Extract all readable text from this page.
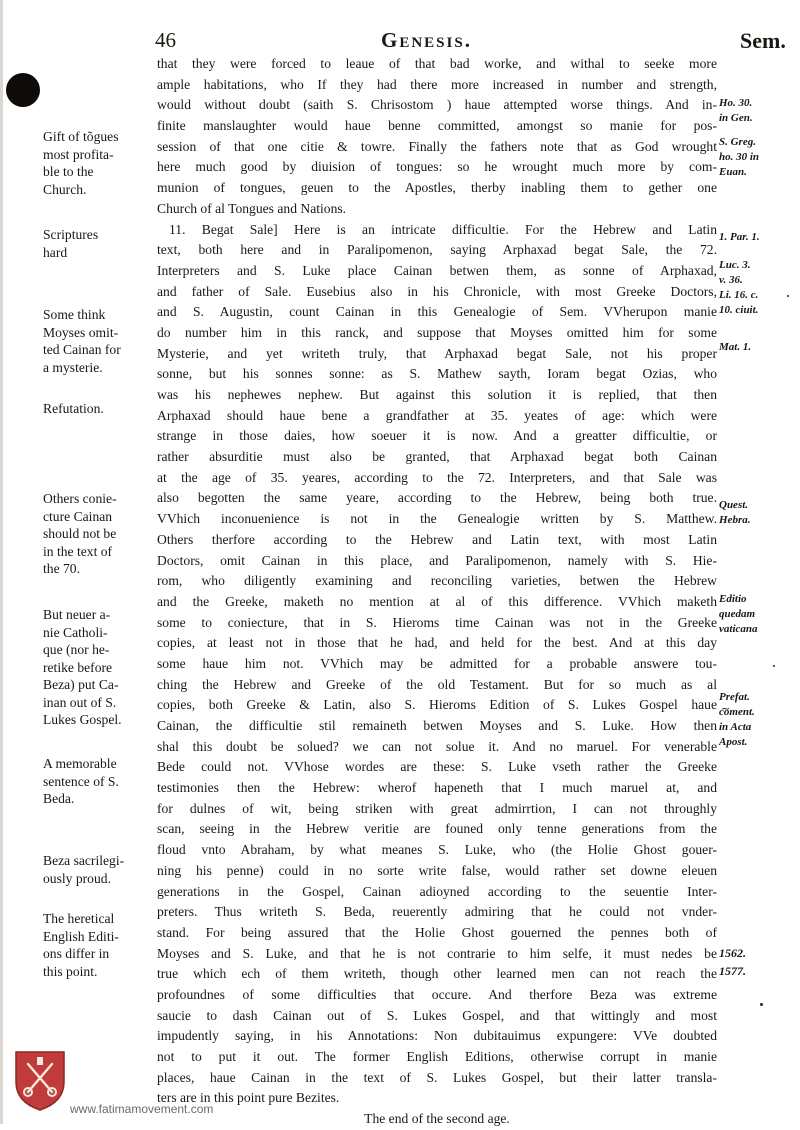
46	Genesis.	Sem.
that they were forced to leaue of that bad worke, and withal to seeke more
ample habitations, who If they had there more increased in number and strength,
would without doubt (saith S. Chrisostom ) haue attempted worse things. And in-
finite manslaughter would haue benne committed, amongst so manie for pos-
session of that one citie & towre. Finally the fathers note that as God wrought
here much good by diuision of tongues: so he wrought much more by com-
munion of tongues, geuen to the Apostles, therby inabling them to gether one
Church of al Tongues and Nations.
11. Begat Sale] Here is an intricate difficultie. For the Hebrew and Latin
text, both here and in Paralipomenon, saying Arphaxad begat Sale, the 72.
Interpreters and S. Luke place Cainan betwen them, as sonne of Arphaxad,
and father of Sale. Eusebius also in his Chronicle, with most Greeke Doctors,
and S. Augustin, count Cainan in this Genealogie of Sem. VVherupon manie
do number him in this ranck, and suppose that Moyses omitted him for some
Mysterie, and yet writeth truly, that Arphaxad begat Sale, not his proper
sonne, but his sonnes sonne: as S. Mathew sayth, Ioram begat Ozias, who
was his nephewes nephew. But against this solution it is replied, that then
Arphaxad should haue bene a grandfather at 35. yeates of age: which were
strange in those daies, how soeuer it is now. And a greatter difficultie, or
rather absurditie must also be granted, that Arphaxad begat both Cainan
at the age of 35. yeares, according to the 72. Interpreters, and that Sale was
also begotten the same yeare, according to the Hebrew, being both true.
VVhich inconuenience is not in the Genealogie written by S. Matthew.
Others therfore according to the Hebrew and Latin text, with most Latin
Doctors, omit Cainan in this place, and Paralipomenon, namely with S. Hie-
rom, who diligently examining and reconciling varieties, betwen the Hebrew
and the Greeke, maketh no mention at al of this difference. VVhich maketh
some to coniecture, that in S. Hieroms time Cainan was not in the Greeke
copies, at least not in those that he had, and held for the best. And at this day
some haue him not. VVhich may be admitted for a probable answere tou-
ching the Hebrew and Greeke of the old Testament. But for so much as al
copies, both Greeke & Latin, also S. Hieroms Edition of S. Lukes Gospel haue
Cainan, the difficultie stil remaineth betwen Moyses and S. Luke. How then
shal this doubt be solued? we can not solue it. And no maruel. For venerable
Bede could not. VVhose wordes are these: S. Luke vseth rather the Greeke
testimonies then the Hebrew: wherof hapeneth that I much maruel at, and
for dulnes of wit, being striken with great admirrtion, I can not throughly
scan, seeing in the Hebrew veritie are founed only tenne generations from the
floud vnto Abraham, by what meanes S. Luke, who (the Holie Ghost gouer-
ning his penne) could in no sorte write false, would rather set downe eleuen
generations in the Gospel, Cainan adioyned according to the seuentie Inter-
preters. Thus writeth S. Beda, reuerently admiring that he could not vnder-
stand. For being assured that the Holie Ghost gouerned the pennes both of
Moyses and S. Luke, and that he is not contrarie to him selfe, it must nedes be
true which ech of them writeth, though other learned men can not reach the
profoundnes of some difficulties that occure. And therfore Beza was extreme
saucie to dash Cainan out of S. Lukes Gospel, and that wittingly and most
impudently saying, in his Annotations: Non dubitauimus expungere: VVe doubted
not to put it out. The former English Editions, otherwise corrupt in manie
places, haue Cainan in the text of S. Lukes Gospel, but their latter transla-
ters are in this point pure Bezites.
The end of the second age.
Gift of tõgues
most profita-
ble to the
Church.
Scriptures
hard
Some think
Moyses omit-
ted Cainan for
a mysterie.
Refutation.
Others conie-
cture Cainan
should not be
in the text of
the 70.
But neuer a-
nie Catholi-
que (nor he-
retike before
Beza) put Ca-
inan out of S.
Lukes Gospel.
A memorable
sentence of S.
Beda.
Beza sacrilegi-
ously proud.
The heretical
English Editi-
ons differ in
this point.
Ho. 30.
in Gen.
S. Greg.
ho. 30 in
Euan.
1. Par. 1.
Luc. 3.
v. 36.
Li. 16. c.
10. ciuit.
Mat. 1.
Quest.
Hebra.
Editio
quedam
vaticana
Prefat.
c͠oment.
in Acta
Apost.
1562.
1577.
www.fatimamovement.com
